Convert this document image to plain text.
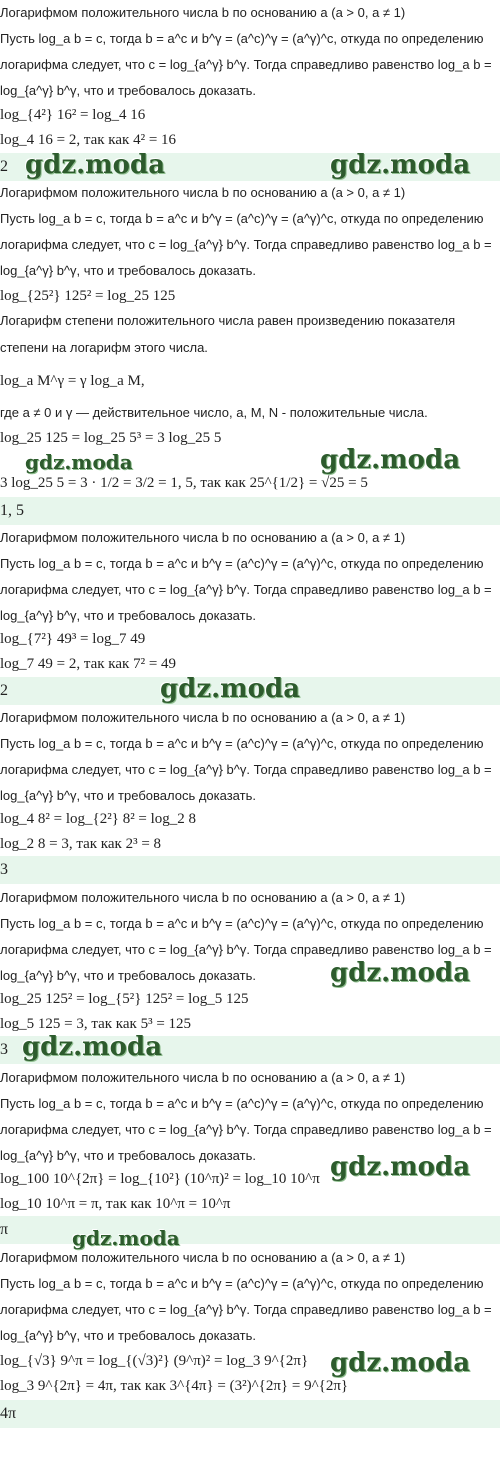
Логарифмом положительного числа b по основанию a (a > 0, a ≠ 1)
Пусть log_a b = c, тогда b = a^c и b^γ = (a^c)^γ = (a^γ)^c, откуда по определению
логарифма следует, что c = log_{a^γ} b^γ. Тогда справедливо равенство log_a b =
log_{a^γ} b^γ, что и требовалось доказать.
log_{4²} 16² = log_4 16
log_4 16 = 2, так как 4² = 16
2 gdz.moda	gdz.moda
Логарифмом положительного числа b по основанию a (a > 0, a ≠ 1)
Пусть log_a b = c, тогда b = a^c и b^γ = (a^c)^γ = (a^γ)^c, откуда по определению
логарифма следует, что c = log_{a^γ} b^γ. Тогда справедливо равенство log_a b =
log_{a^γ} b^γ, что и требовалось доказать.
log_{25²} 125² = log_25 125
Логарифм степени положительного числа равен произведению показателя
степени на логарифм этого числа.
log_a M^γ = γ log_a M,
где a ≠ 0 и γ — действительное число, a, M, N - положительные числа.
log_25 125 = log_25 5³ = 3 log_25 5
3 log_25 5 = 3 · 1/2 = 3/2 = 1, 5, так как 25^{1/2} = √25 = 5
gdz.moda	gdz.moda
1, 5
Логарифмом положительного числа b по основанию a (a > 0, a ≠ 1)
Пусть log_a b = c, тогда b = a^c и b^γ = (a^c)^γ = (a^γ)^c, откуда по определению
логарифма следует, что c = log_{a^γ} b^γ. Тогда справедливо равенство log_a b =
log_{a^γ} b^γ, что и требовалось доказать.
log_{7²} 49³ = log_7 49
log_7 49 = 2, так как 7² = 49
2	gdz.moda
Логарифмом положительного числа b по основанию a (a > 0, a ≠ 1)
Пусть log_a b = c, тогда b = a^c и b^γ = (a^c)^γ = (a^γ)^c, откуда по определению
логарифма следует, что c = log_{a^γ} b^γ. Тогда справедливо равенство log_a b =
log_{a^γ} b^γ, что и требовалось доказать.
log_4 8² = log_{2²} 8² = log_2 8
log_2 8 = 3, так как 2³ = 8
3
Логарифмом положительного числа b по основанию a (a > 0, a ≠ 1)
Пусть log_a b = c, тогда b = a^c и b^γ = (a^c)^γ = (a^γ)^c, откуда по определению
логарифма следует, что c = log_{a^γ} b^γ. Тогда справедливо равенство log_a b =
log_{a^γ} b^γ, что и требовалось доказать.	gdz.moda
log_25 125² = log_{5²} 125² = log_5 125
log_5 125 = 3, так как 5³ = 125
3 gdz.moda
Логарифмом положительного числа b по основанию a (a > 0, a ≠ 1)
Пусть log_a b = c, тогда b = a^c и b^γ = (a^c)^γ = (a^γ)^c, откуда по определению
логарифма следует, что c = log_{a^γ} b^γ. Тогда справедливо равенство log_a b =
log_{a^γ} b^γ, что и требовалось доказать.	gdz.moda
log_100 10^{2π} = log_{10²} (10^π)² = log_10 10^π
log_10 10^π = π, так как 10^π = 10^π
π	gdz.moda
Логарифмом положительного числа b по основанию a (a > 0, a ≠ 1)
Пусть log_a b = c, тогда b = a^c и b^γ = (a^c)^γ = (a^γ)^c, откуда по определению
логарифма следует, что c = log_{a^γ} b^γ. Тогда справедливо равенство log_a b =
log_{a^γ} b^γ, что и требовалось доказать.
gdz.moda
log_{√3} 9^π = log_{(√3)²} (9^π)² = log_3 9^{2π}
log_3 9^{2π} = 4π, так как 3^{4π} = (3²)^{2π} = 9^{2π}
4π
